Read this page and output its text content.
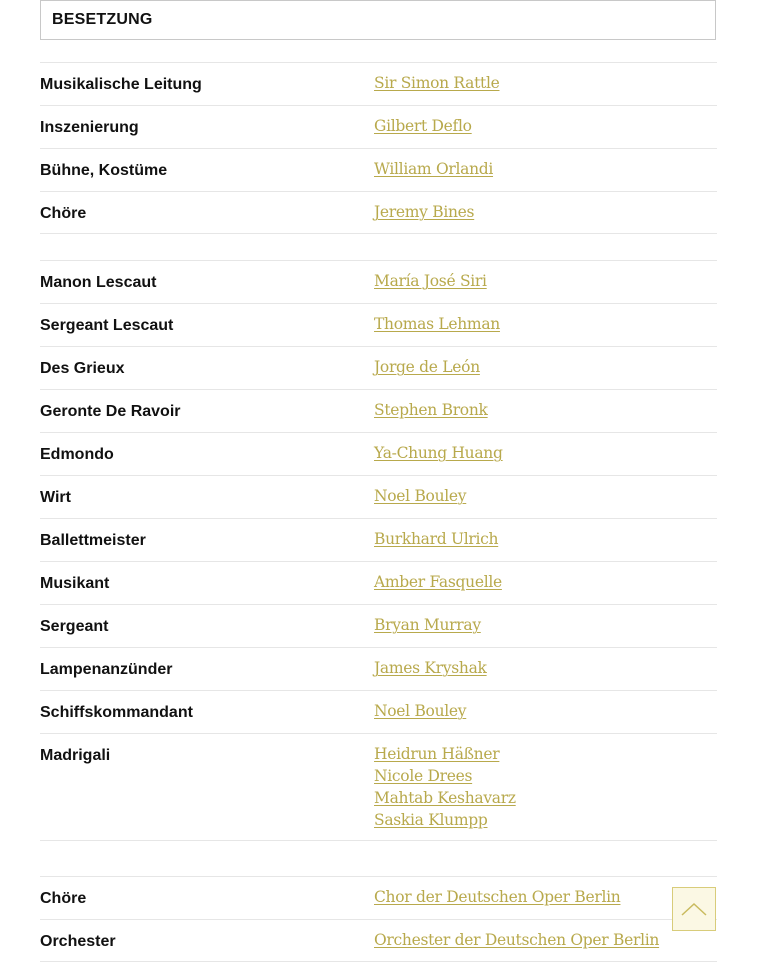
BESETZUNG
Musikalische Leitung	Sir Simon Rattle
Inszenierung	Gilbert Deflo
Bühne, Kostüme	William Orlandi
Chöre	Jeremy Bines
Manon Lescaut	María José Siri
Sergeant Lescaut	Thomas Lehman
Des Grieux	Jorge de León
Geronte De Ravoir	Stephen Bronk
Edmondo	Ya-Chung Huang
Wirt	Noel Bouley
Ballettmeister	Burkhard Ulrich
Musikant	Amber Fasquelle
Sergeant	Bryan Murray
Lampenanzünder	James Kryshak
Schiffskommandant	Noel Bouley
Madrigali	Heidrun Häßner
Nicole Drees
Mahtab Keshavarz
Saskia Klumpp
Chöre	Chor der Deutschen Oper Berlin
Orchester	Orchester der Deutschen Oper Berlin
